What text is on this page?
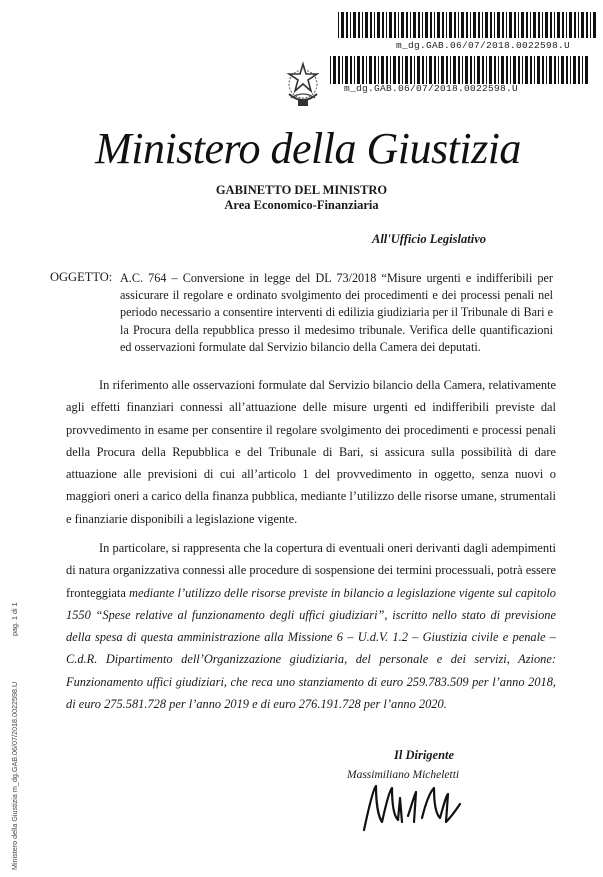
m_dg.GAB.06/07/2018.0022598.U
m_dg.GAB.06/07/2018.0022598.U
Ministero della Giustizia
GABINETTO DEL MINISTRO
Area Economico-Finanziaria
All'Ufficio Legislativo
OGGETTO: A.C. 764 – Conversione in legge del DL 73/2018 “Misure urgenti e indifferibili per assicurare il regolare e ordinato svolgimento dei procedimenti e dei processi penali nel periodo necessario a consentire interventi di edilizia giudiziaria per il Tribunale di Bari e la Procura della repubblica presso il medesimo tribunale. Verifica delle quantificazioni ed osservazioni formulate dal Servizio bilancio della Camera dei deputati.
In riferimento alle osservazioni formulate dal Servizio bilancio della Camera, relativamente agli effetti finanziari connessi all’attuazione delle misure urgenti ed indifferibili previste dal provvedimento in esame per consentire il regolare svolgimento dei procedimenti e processi penali della Procura della Repubblica e del Tribunale di Bari, si assicura sulla possibilità di dare attuazione alle previsioni di cui all’articolo 1 del provvedimento in oggetto, senza nuovi o maggiori oneri a carico della finanza pubblica, mediante l’utilizzo delle risorse umane, strumentali e finanziarie disponibili a legislazione vigente.
In particolare, si rappresenta che la copertura di eventuali oneri derivanti dagli adempimenti di natura organizzativa connessi alle procedure di sospensione dei termini processuali, potrà essere fronteggiata mediante l’utilizzo delle risorse previste in bilancio a legislazione vigente sul capitolo 1550 “Spese relative al funzionamento degli uffici giudiziari”, iscritto nello stato di previsione della spesa di questa amministrazione alla Missione 6 – U.d.V. 1.2 – Giustizia civile e penale – C.d.R. Dipartimento dell’Organizzazione giudiziaria, del personale e dei servizi, Azione: Funzionamento uffici giudiziari, che reca uno stanziamento di euro 259.783.509 per l’anno 2018, di euro 275.581.728 per l’anno 2019 e di euro 276.191.728 per l’anno 2020.
Il Dirigente
Massimiliano Micheletti
pag. 1 di 1
Ministero della Giustizia m_dg.GAB.06/07/2018.0022598.U
